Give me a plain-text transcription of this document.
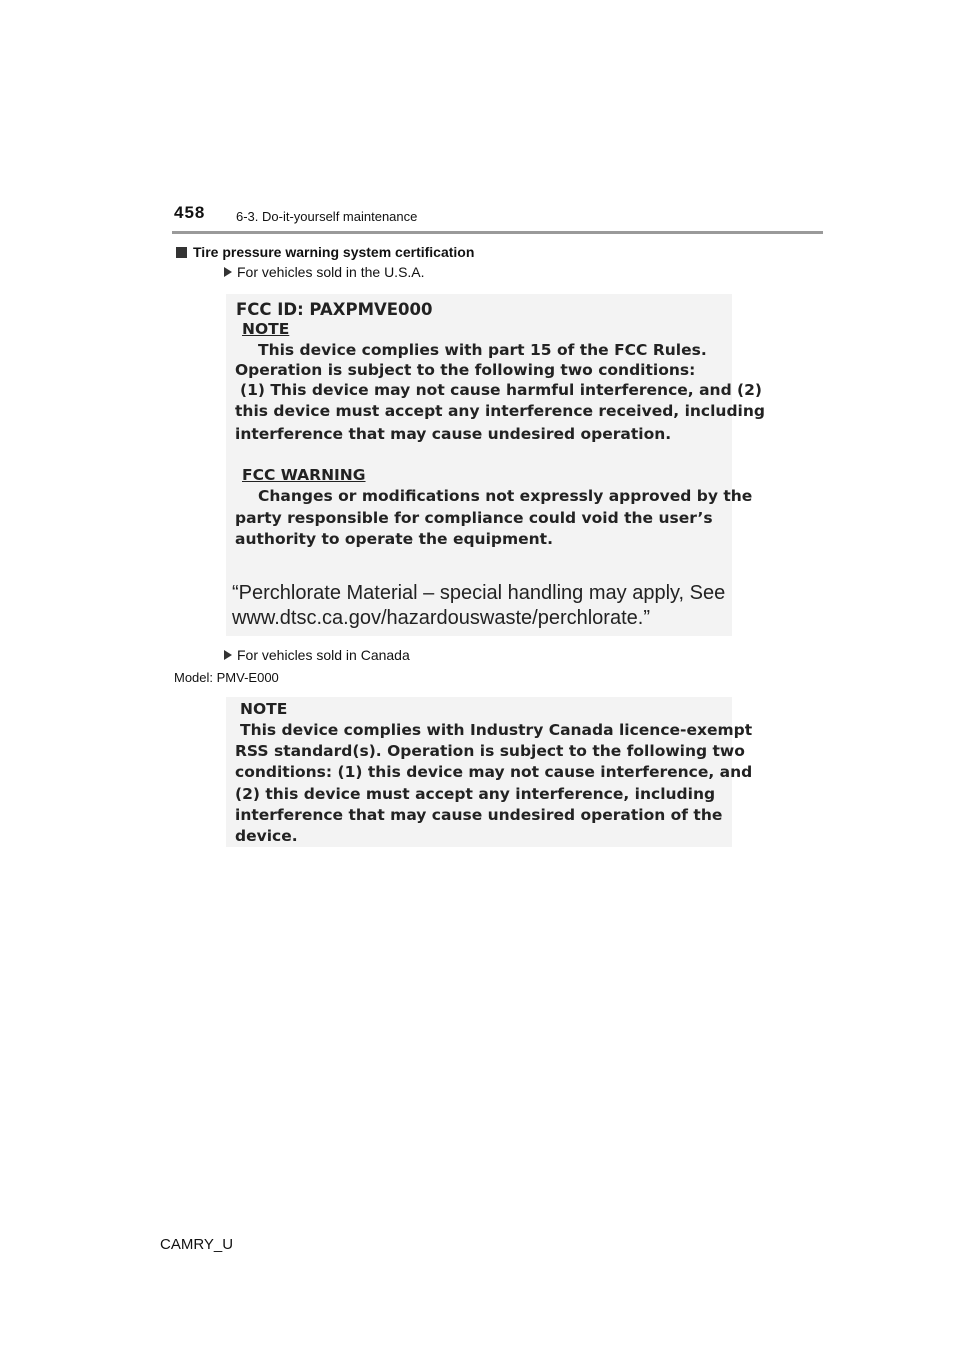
458 6-3. Do-it-yourself maintenance
Tire pressure warning system certification
For vehicles sold in the U.S.A.
FCC ID: PAXPMVE000
NOTE
This device complies with part 15 of the FCC Rules.
Operation is subject to the following two conditions:
(1) This device may not cause harmful interference, and (2)
this device must accept any interference received, including
interference that may cause undesired operation.
FCC WARNING
Changes or modifications not expressly approved by the
party responsible for compliance could void the user’s
authority to operate the equipment.
“Perchlorate Material – special handling may apply, See
www.dtsc.ca.gov/hazardouswaste/perchlorate.”
For vehicles sold in Canada
Model: PMV-E000
NOTE
This device complies with Industry Canada licence-exempt
RSS standard(s). Operation is subject to the following two
conditions: (1) this device may not cause interference, and
(2) this device must accept any interference, including
interference that may cause undesired operation of the
device.
CAMRY_U
